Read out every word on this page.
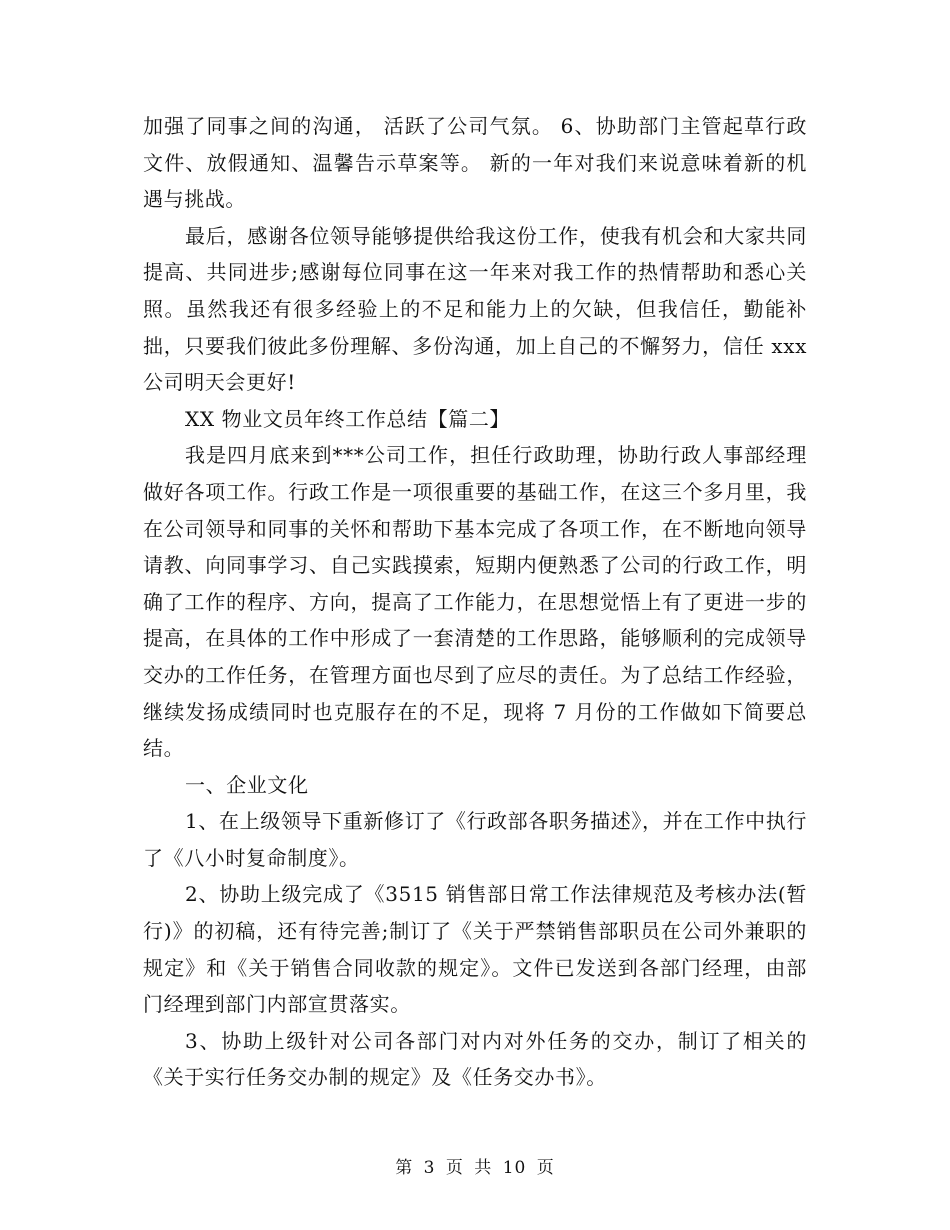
加强了同事之间的沟通， 活跃了公司气氛。 6、协助部门主管起草行政文件、放假通知、温馨告示草案等。 新的一年对我们来说意味着新的机遇与挑战。

最后，感谢各位领导能够提供给我这份工作，使我有机会和大家共同提高、共同进步;感谢每位同事在这一年来对我工作的热情帮助和悉心关照。虽然我还有很多经验上的不足和能力上的欠缺，但我信任，勤能补拙，只要我们彼此多份理解、多份沟通，加上自己的不懈努力，信任 xxx 公司明天会更好!

XX 物业文员年终工作总结【篇二】

我是四月底来到***公司工作，担任行政助理，协助行政人事部经理做好各项工作。行政工作是一项很重要的基础工作，在这三个多月里，我在公司领导和同事的关怀和帮助下基本完成了各项工作，在不断地向领导请教、向同事学习、自己实践摸索，短期内便熟悉了公司的行政工作，明确了工作的程序、方向，提高了工作能力，在思想觉悟上有了更进一步的提高，在具体的工作中形成了一套清楚的工作思路，能够顺利的完成领导交办的工作任务，在管理方面也尽到了应尽的责任。为了总结工作经验，继续发扬成绩同时也克服存在的不足，现将 7 月份的工作做如下简要总结。

一、企业文化

1、在上级领导下重新修订了《行政部各职务描述》，并在工作中执行了《八小时复命制度》。

2、协助上级完成了《3515 销售部日常工作法律规范及考核办法(暂行)》的初稿，还有待完善;制订了《关于严禁销售部职员在公司外兼职的规定》和《关于销售合同收款的规定》。文件已发送到各部门经理，由部门经理到部门内部宣贯落实。

3、协助上级针对公司各部门对内对外任务的交办，制订了相关的《关于实行任务交办制的规定》及《任务交办书》。

第 3 页 共 10 页
